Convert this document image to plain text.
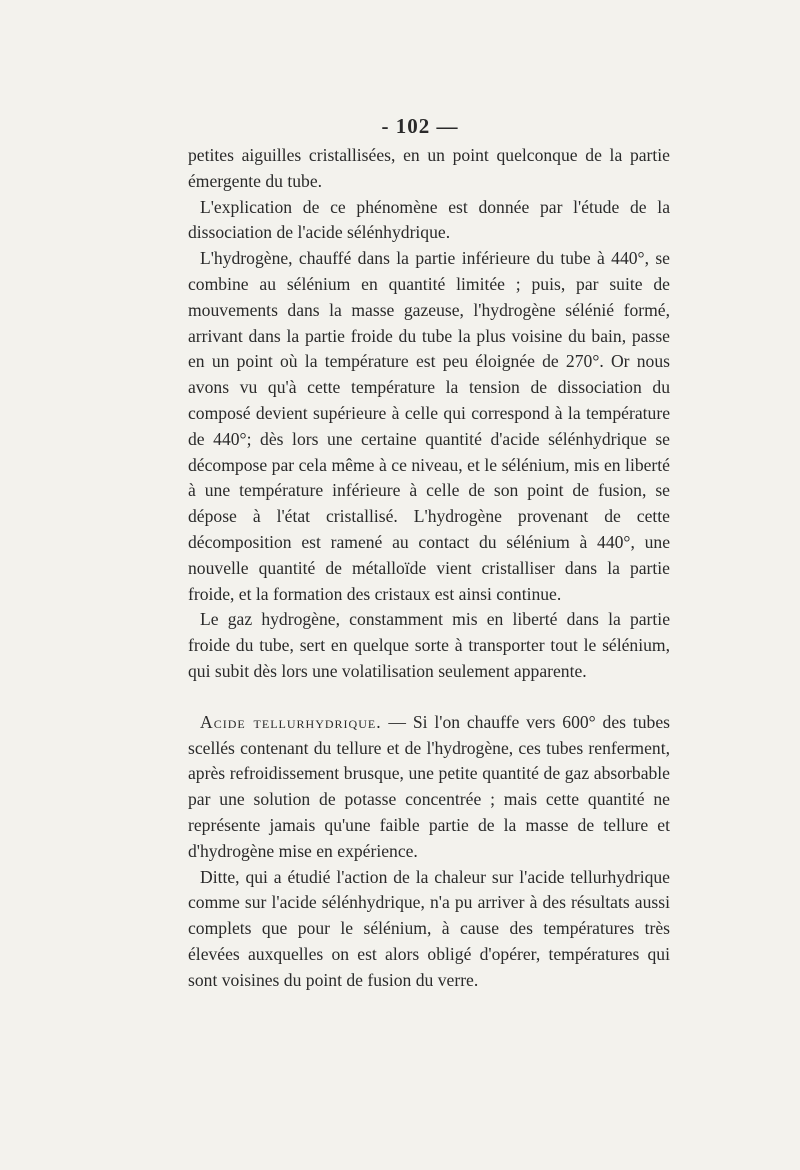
- 102 —

petites aiguilles cristallisées, en un point quelconque de la partie émergente du tube.

L'explication de ce phénomène est donnée par l'étude de la dissociation de l'acide sélénhydrique.

L'hydrogène, chauffé dans la partie inférieure du tube à 440°, se combine au sélénium en quantité limitée ; puis, par suite de mouvements dans la masse gazeuse, l'hydrogène sélénié formé, arrivant dans la partie froide du tube la plus voisine du bain, passe en un point où la température est peu éloignée de 270°. Or nous avons vu qu'à cette température la tension de dissociation du composé devient supérieure à celle qui correspond à la température de 440°; dès lors une certaine quantité d'acide sélénhydrique se décompose par cela même à ce niveau, et le sélénium, mis en liberté à une température inférieure à celle de son point de fusion, se dépose à l'état cristallisé. L'hydrogène provenant de cette décomposition est ramené au contact du sélénium à 440°, une nouvelle quantité de métalloïde vient cristalliser dans la partie froide, et la formation des cristaux est ainsi continue.

Le gaz hydrogène, constamment mis en liberté dans la partie froide du tube, sert en quelque sorte à transporter tout le sélénium, qui subit dès lors une volatilisation seulement apparente.

Acide tellurhydrique. — Si l'on chauffe vers 600° des tubes scellés contenant du tellure et de l'hydrogène, ces tubes renferment, après refroidissement brusque, une petite quantité de gaz absorbable par une solution de potasse concentrée ; mais cette quantité ne représente jamais qu'une faible partie de la masse de tellure et d'hydrogène mise en expérience.

Ditte, qui a étudié l'action de la chaleur sur l'acide tellurhydrique comme sur l'acide sélénhydrique, n'a pu arriver à des résultats aussi complets que pour le sélénium, à cause des températures très élevées auxquelles on est alors obligé d'opérer, températures qui sont voisines du point de fusion du verre.
